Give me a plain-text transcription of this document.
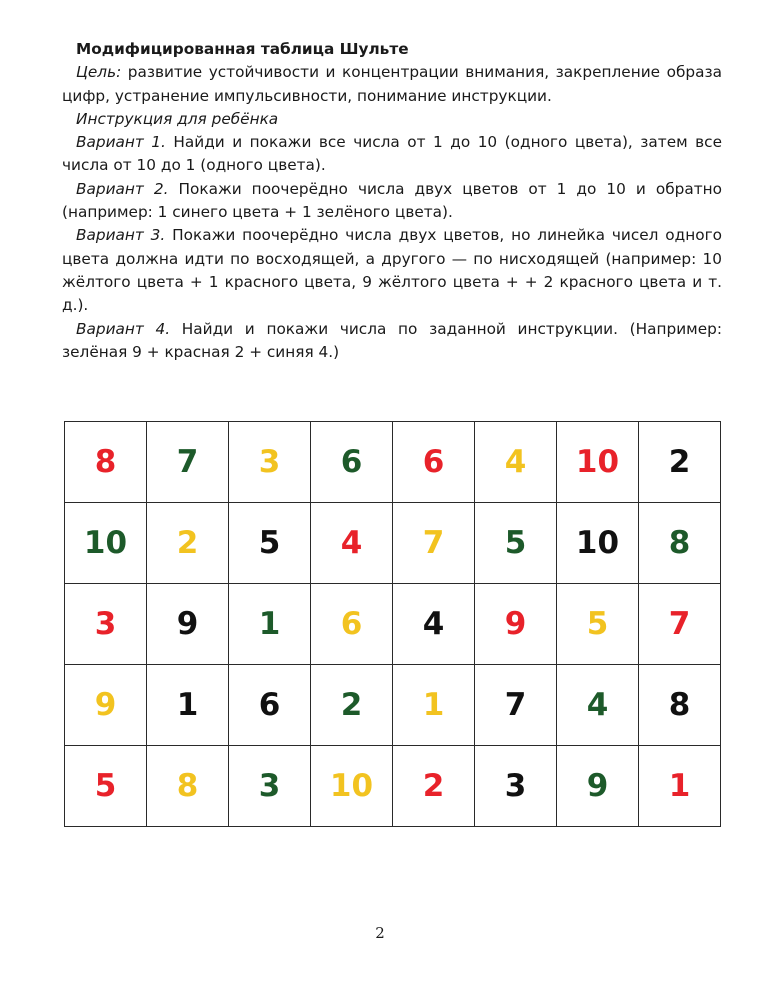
Модифицированная таблица Шульте

Цель: развитие устойчивости и концентрации внимания, закрепление образа цифр, устранение импульсивности, понимание инструкции.

Инструкция для ребёнка

Вариант 1. Найди и покажи все числа от 1 до 10 (одного цвета), затем все числа от 10 до 1 (одного цвета).

Вариант 2. Покажи поочерёдно числа двух цветов от 1 до 10 и обратно (например: 1 синего цвета + 1 зелёного цвета).

Вариант 3. Покажи поочерёдно числа двух цветов, но линейка чисел одного цвета должна идти по восходящей, а другого — по нисходящей (например: 10 жёлтого цвета + 1 красного цвета, 9 жёлтого цвета + + 2 красного цвета и т. д.).

Вариант 4. Найди и покажи числа по заданной инструкции. (Например: зелёная 9 + красная 2 + синяя 4.)

8	7	3	6	6	4	10	2
10	2	5	4	7	5	10	8
3	9	1	6	4	9	5	7
9	1	6	2	1	7	4	8
5	8	3	10	2	3	9	1
2
